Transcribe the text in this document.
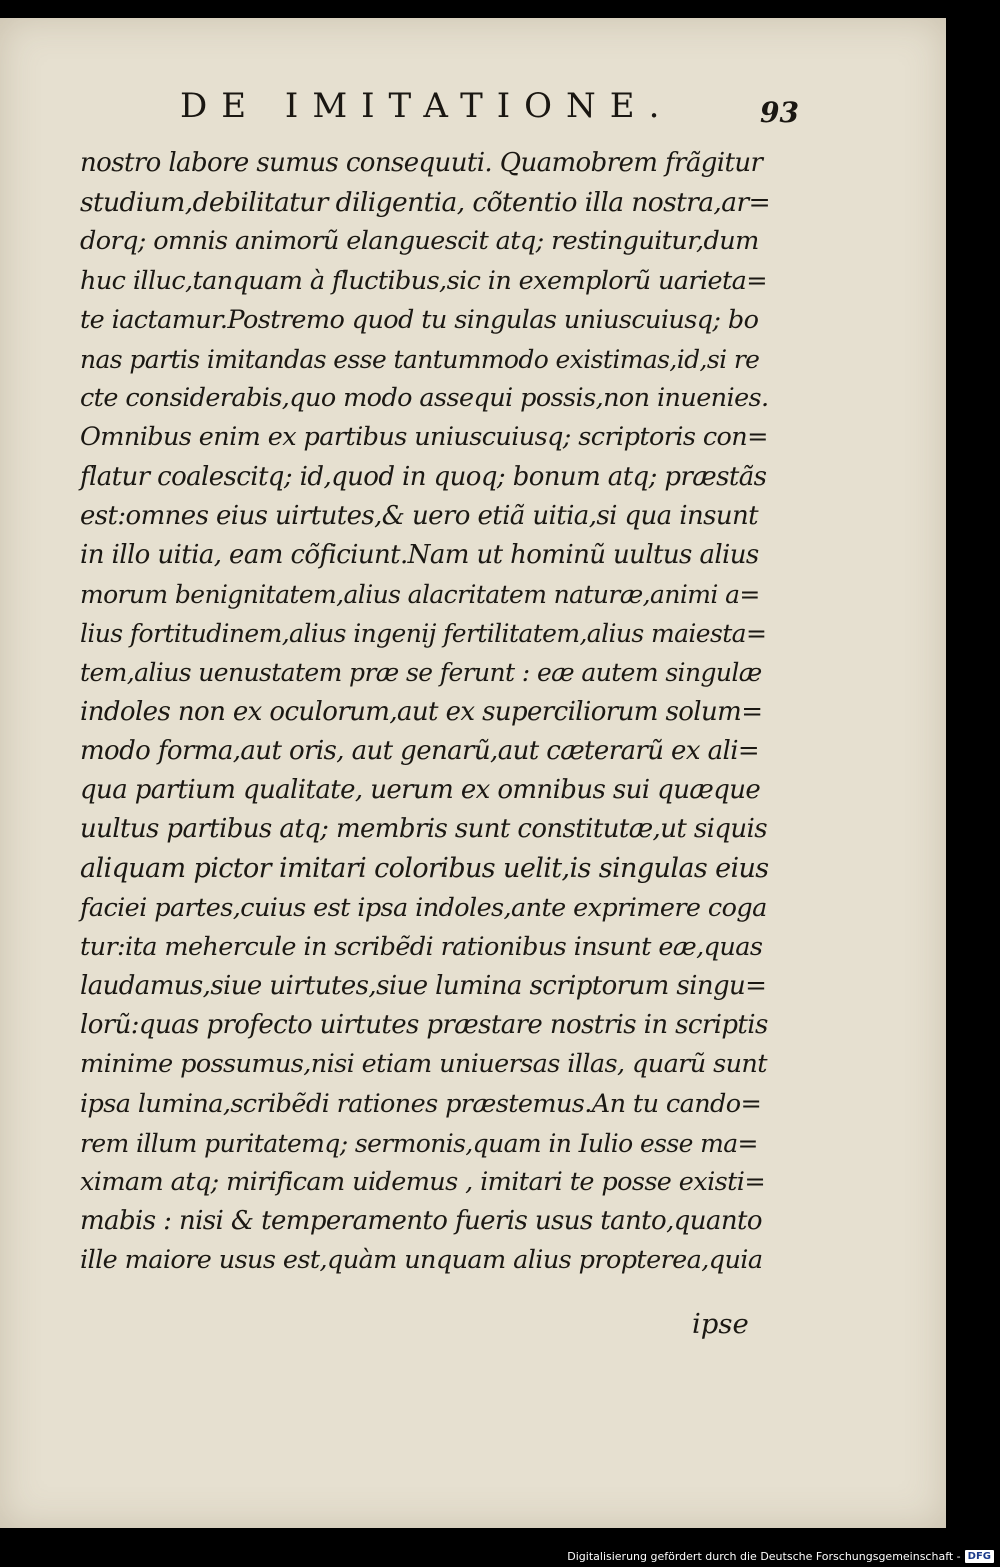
DE IMITATIONE.	93
nostro labore sumus consequuti. Quamobrem frãgitur
studium,debilitatur diligentia, cõtentio illa nostra,ar=
dorq; omnis animorũ elanguescit atq; restinguitur,dum
huc illuc,tanquam à fluctibus,sic in exemplorũ uarieta=
te iactamur.Postremo quod tu singulas uniuscuiusq; bo
nas partis imitandas esse tantummodo existimas,id,si re
cte considerabis,quo modo assequi possis,non inuenies.
Omnibus enim ex partibus uniuscuiusq; scriptoris con=
flatur coalescitq; id,quod in quoq; bonum atq; præstãs
est:omnes eius uirtutes,& uero etiã uitia,si qua insunt
in illo uitia, eam cõficiunt.Nam ut hominũ uultus alius
morum benignitatem,alius alacritatem naturæ,animi a=
lius fortitudinem,alius ingenij fertilitatem,alius maiesta=
tem,alius uenustatem præ se ferunt : eæ autem singulæ
indoles non ex oculorum,aut ex superciliorum solum=
modo forma,aut oris, aut genarũ,aut cæterarũ ex ali=
qua partium qualitate, uerum ex omnibus sui quæque
uultus partibus atq; membris sunt constitutæ,ut siquis
aliquam pictor imitari coloribus uelit,is singulas eius
faciei partes,cuius est ipsa indoles,ante exprimere coga
tur:ita mehercule in scribẽdi rationibus insunt eæ,quas
laudamus,siue uirtutes,siue lumina scriptorum singu=
lorũ:quas profecto uirtutes præstare nostris in scriptis
minime possumus,nisi etiam uniuersas illas, quarũ sunt
ipsa lumina,scribẽdi rationes præstemus.An tu cando=
rem illum puritatemq; sermonis,quam in Iulio esse ma=
ximam atq; mirificam uidemus , imitari te posse existi=
mabis : nisi & temperamento fueris usus tanto,quanto
ille maiore usus est,quàm unquam alius propterea,quia
ipse
Digitalisierung gefördert durch die Deutsche Forschungsgemeinschaft - DFG
